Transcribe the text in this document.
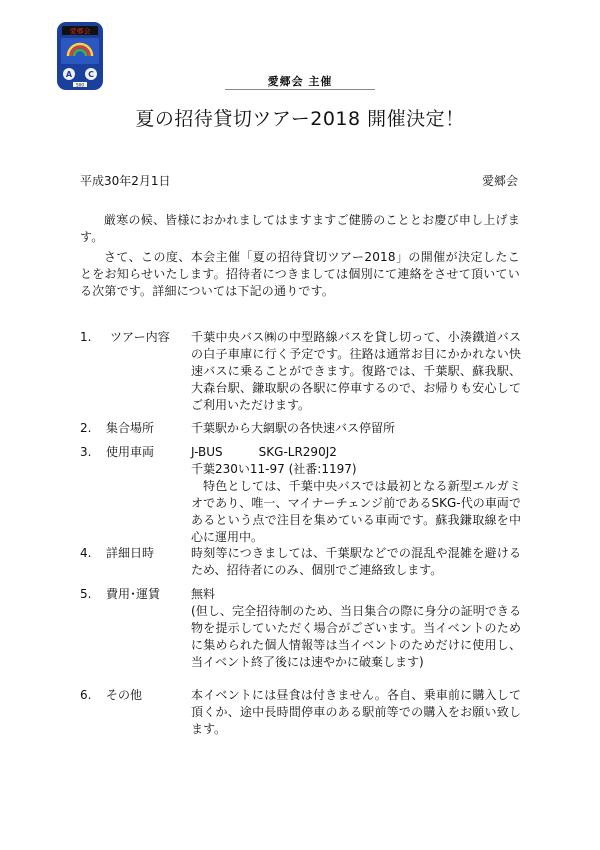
愛郷会
A C
500	愛郷会 主催
夏の招待貸切ツアー2018 開催決定！
平成30年2月1日	愛郷会
厳寒の候、皆様におかれましてはますますご健勝のこととお慶び申し上げます。
さて、この度、本会主催「夏の招待貸切ツアー2018」の開催が決定したことをお知らせいたします。招待者につきましては個別にて連絡をさせて頂いている次第です。詳細については下記の通りです。
1.	ツアー内容	千葉中央バス㈱の中型路線バスを貸し切って、小湊鐵道バスの白子車庫に行く予定です。往路は通常お目にかかれない快速バスに乗ることができます。復路では、千葉駅、蘇我駅、大森台駅、鎌取駅の各駅に停車するので、お帰りも安心してご利用いただけます。
2.	集合場所	千葉駅から大網駅の各快速バス停留所
3.	使用車両	J-BUS	SKG-LR290J2
千葉230い11-97 (社番:1197)
特色としては、千葉中央バスでは最初となる新型エルガミオであり、唯一、マイナーチェンジ前であるSKG-代の車両であるという点で注目を集めている車両です。蘇我鎌取線を中心に運用中。
4.	詳細日時	時刻等につきましては、千葉駅などでの混乱や混雑を避けるため、招待者にのみ、個別でご連絡致します。
5.	費用･運賃	無料
(但し、完全招待制のため、当日集合の際に身分の証明できる物を提示していただく場合がございます。当イベントのために集められた個人情報等は当イベントのためだけに使用し、当イベント終了後には速やかに破棄します)
6.	その他	本イベントには昼食は付きません。各自、乗車前に購入して頂くか、途中長時間停車のある駅前等での購入をお願い致します。
